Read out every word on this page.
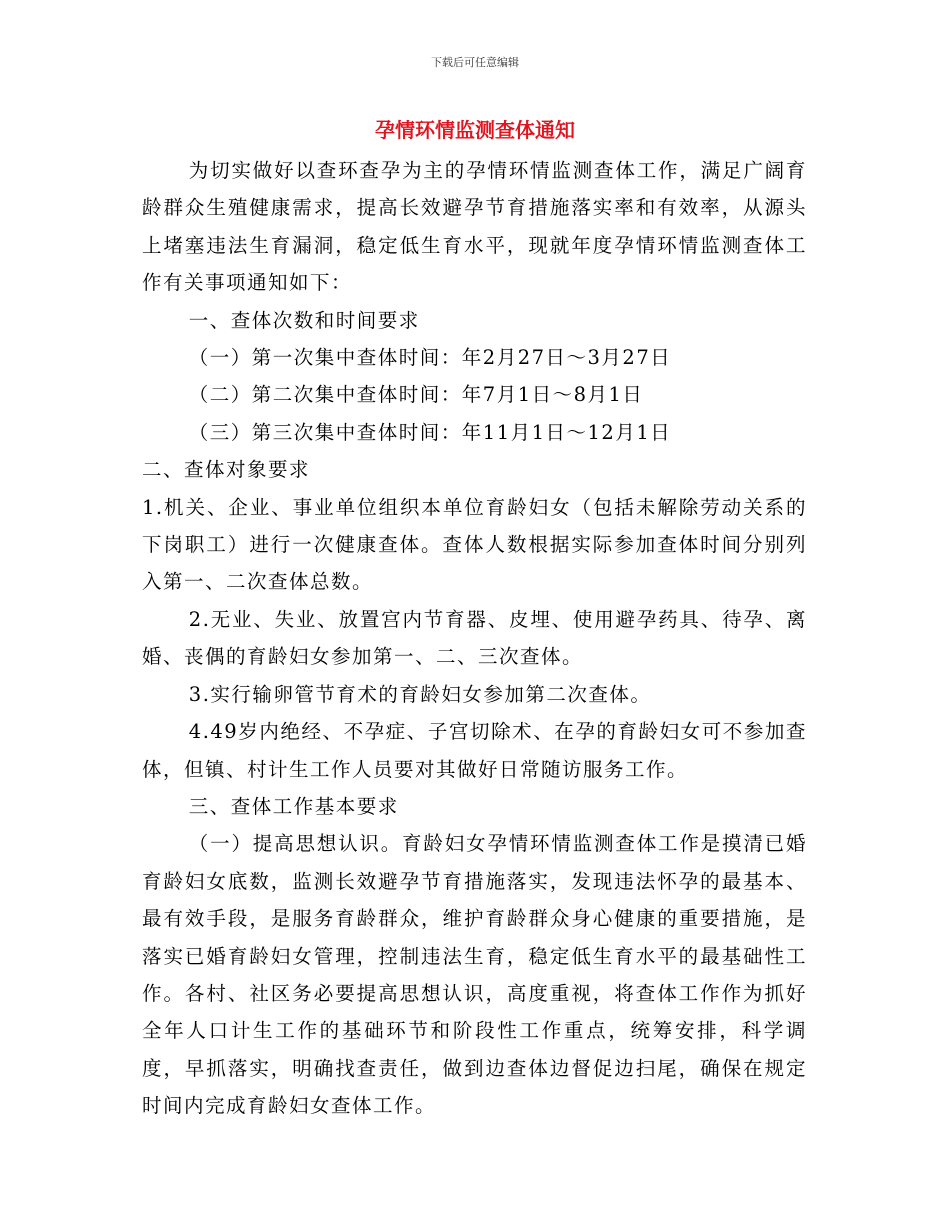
下载后可任意编辑
孕情环情监测查体通知

为切实做好以查环查孕为主的孕情环情监测查体工作，满足广阔育龄群众生殖健康需求，提高长效避孕节育措施落实率和有效率，从源头上堵塞违法生育漏洞，稳定低生育水平，现就年度孕情环情监测查体工作有关事项通知如下：

一、查体次数和时间要求

（一）第一次集中查体时间：年2月27日～3月27日

（二）第二次集中查体时间：年7月1日～8月1日

（三）第三次集中查体时间：年11月1日～12月1日

二、查体对象要求

1.机关、企业、事业单位组织本单位育龄妇女（包括未解除劳动关系的下岗职工）进行一次健康查体。查体人数根据实际参加查体时间分别列入第一、二次查体总数。

2.无业、失业、放置宫内节育器、皮埋、使用避孕药具、待孕、离婚、丧偶的育龄妇女参加第一、二、三次查体。

3.实行输卵管节育术的育龄妇女参加第二次查体。

4.49岁内绝经、不孕症、子宫切除术、在孕的育龄妇女可不参加查体，但镇、村计生工作人员要对其做好日常随访服务工作。

三、查体工作基本要求

（一）提高思想认识。育龄妇女孕情环情监测查体工作是摸清已婚育龄妇女底数，监测长效避孕节育措施落实，发现违法怀孕的最基本、最有效手段，是服务育龄群众，维护育龄群众身心健康的重要措施，是落实已婚育龄妇女管理，控制违法生育，稳定低生育水平的最基础性工作。各村、社区务必要提高思想认识，高度重视，将查体工作作为抓好全年人口计生工作的基础环节和阶段性工作重点，统筹安排，科学调度，早抓落实，明确找查责任，做到边查体边督促边扫尾，确保在规定时间内完成育龄妇女查体工作。
